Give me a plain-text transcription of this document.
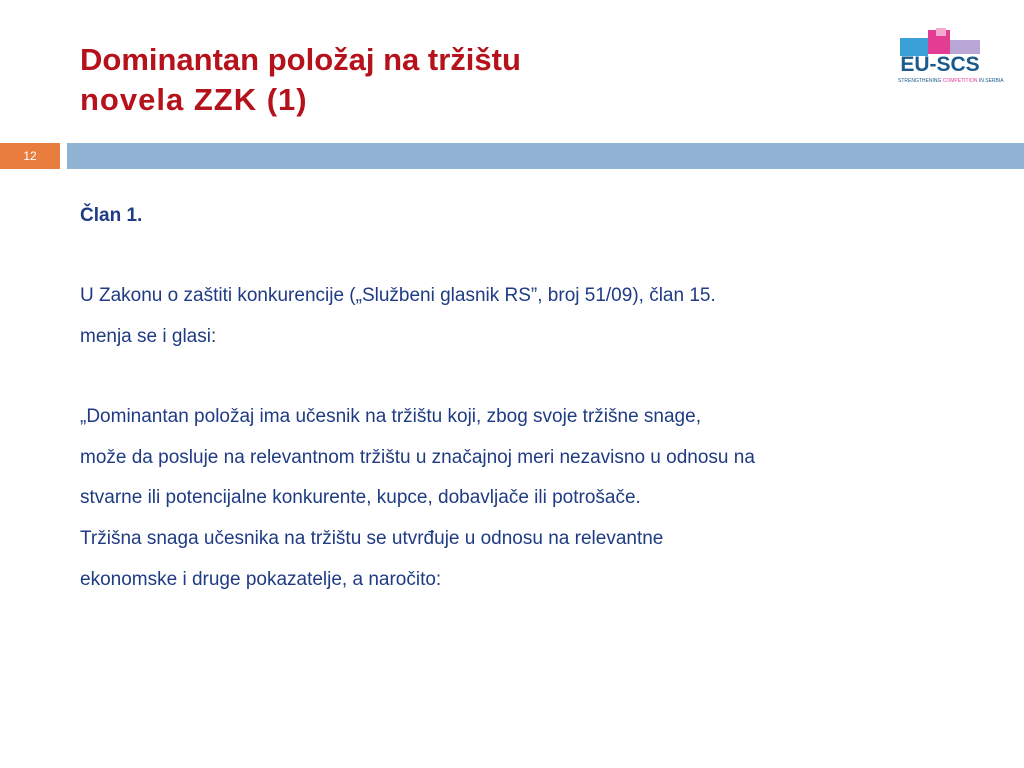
Dominantan položaj na tržištu
novela ZZK (1)
EU-SCS
STRENGTHENING COMPETITION IN SERBIA
12

Član 1.

U Zakonu o zaštiti konkurencije („Službeni glasnik RS”, broj 51/09), član 15.

menja se i glasi:

„Dominantan položaj ima učesnik na tržištu koji, zbog svoje tržišne snage,

može da posluje na relevantnom tržištu u značajnoj meri nezavisno u odnosu na

stvarne ili potencijalne konkurente, kupce, dobavljače ili potrošače.

Tržišna snaga učesnika na tržištu se utvrđuje u odnosu na relevantne

ekonomske i druge pokazatelje, a naročito:
